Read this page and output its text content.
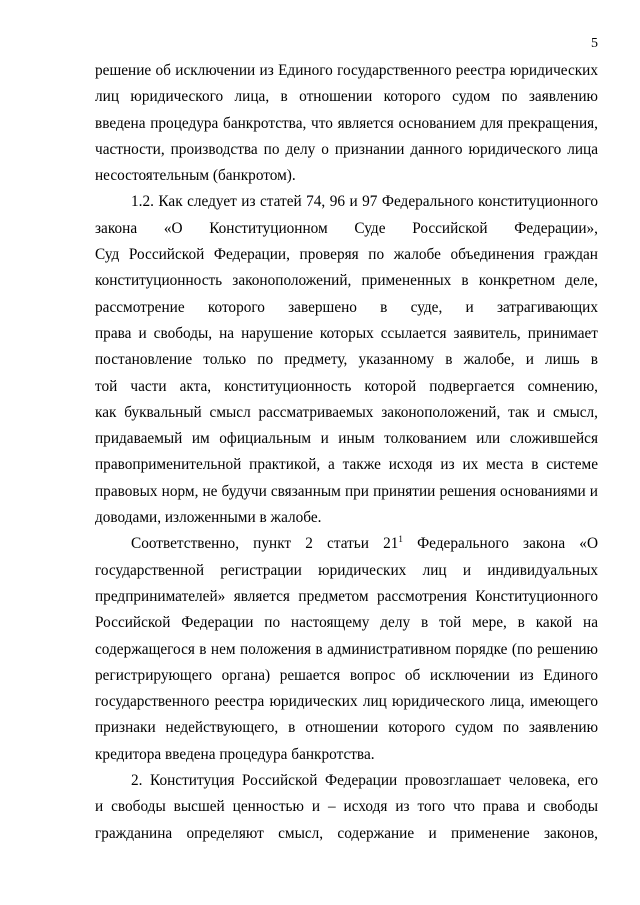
5
решение об исключении из Единого государственного реестра юридических
лиц юридического лица, в отношении которого судом по заявлению
введена процедура банкротства, что является основанием для прекращения,
частности, производства по делу о признании данного юридического лица
несостоятельным (банкротом).
1.2. Как следует из статей 74, 96 и 97 Федерального конституционного
закона «О Конституционном Суде Российской Федерации»,
Суд Российской Федерации, проверяя по жалобе объединения граждан
конституционность законоположений, примененных в конкретном деле,
рассмотрение которого завершено в суде, и затрагивающих
права и свободы, на нарушение которых ссылается заявитель, принимает
постановление только по предмету, указанному в жалобе, и лишь в
той части акта, конституционность которой подвергается сомнению,
как буквальный смысл рассматриваемых законоположений, так и смысл,
придаваемый им официальным и иным толкованием или сложившейся
правоприменительной практикой, а также исходя из их места в системе
правовых норм, не будучи связанным при принятии решения основаниями и
доводами, изложенными в жалобе.
Соответственно, пункт 2 статьи $21^1$ Федерального закона «О
государственной регистрации юридических лиц и индивидуальных
предпринимателей» является предметом рассмотрения Конституционного
Российской Федерации по настоящему делу в той мере, в какой на
содержащегося в нем положения в административном порядке (по решению
регистрирующего органа) решается вопрос об исключении из Единого
государственного реестра юридических лиц юридического лица, имеющего
признаки недействующего, в отношении которого судом по заявлению
кредитора введена процедура банкротства.
2. Конституция Российской Федерации провозглашает человека, его
и свободы высшей ценностью и – исходя из того что права и свободы
гражданина определяют смысл, содержание и применение законов,
